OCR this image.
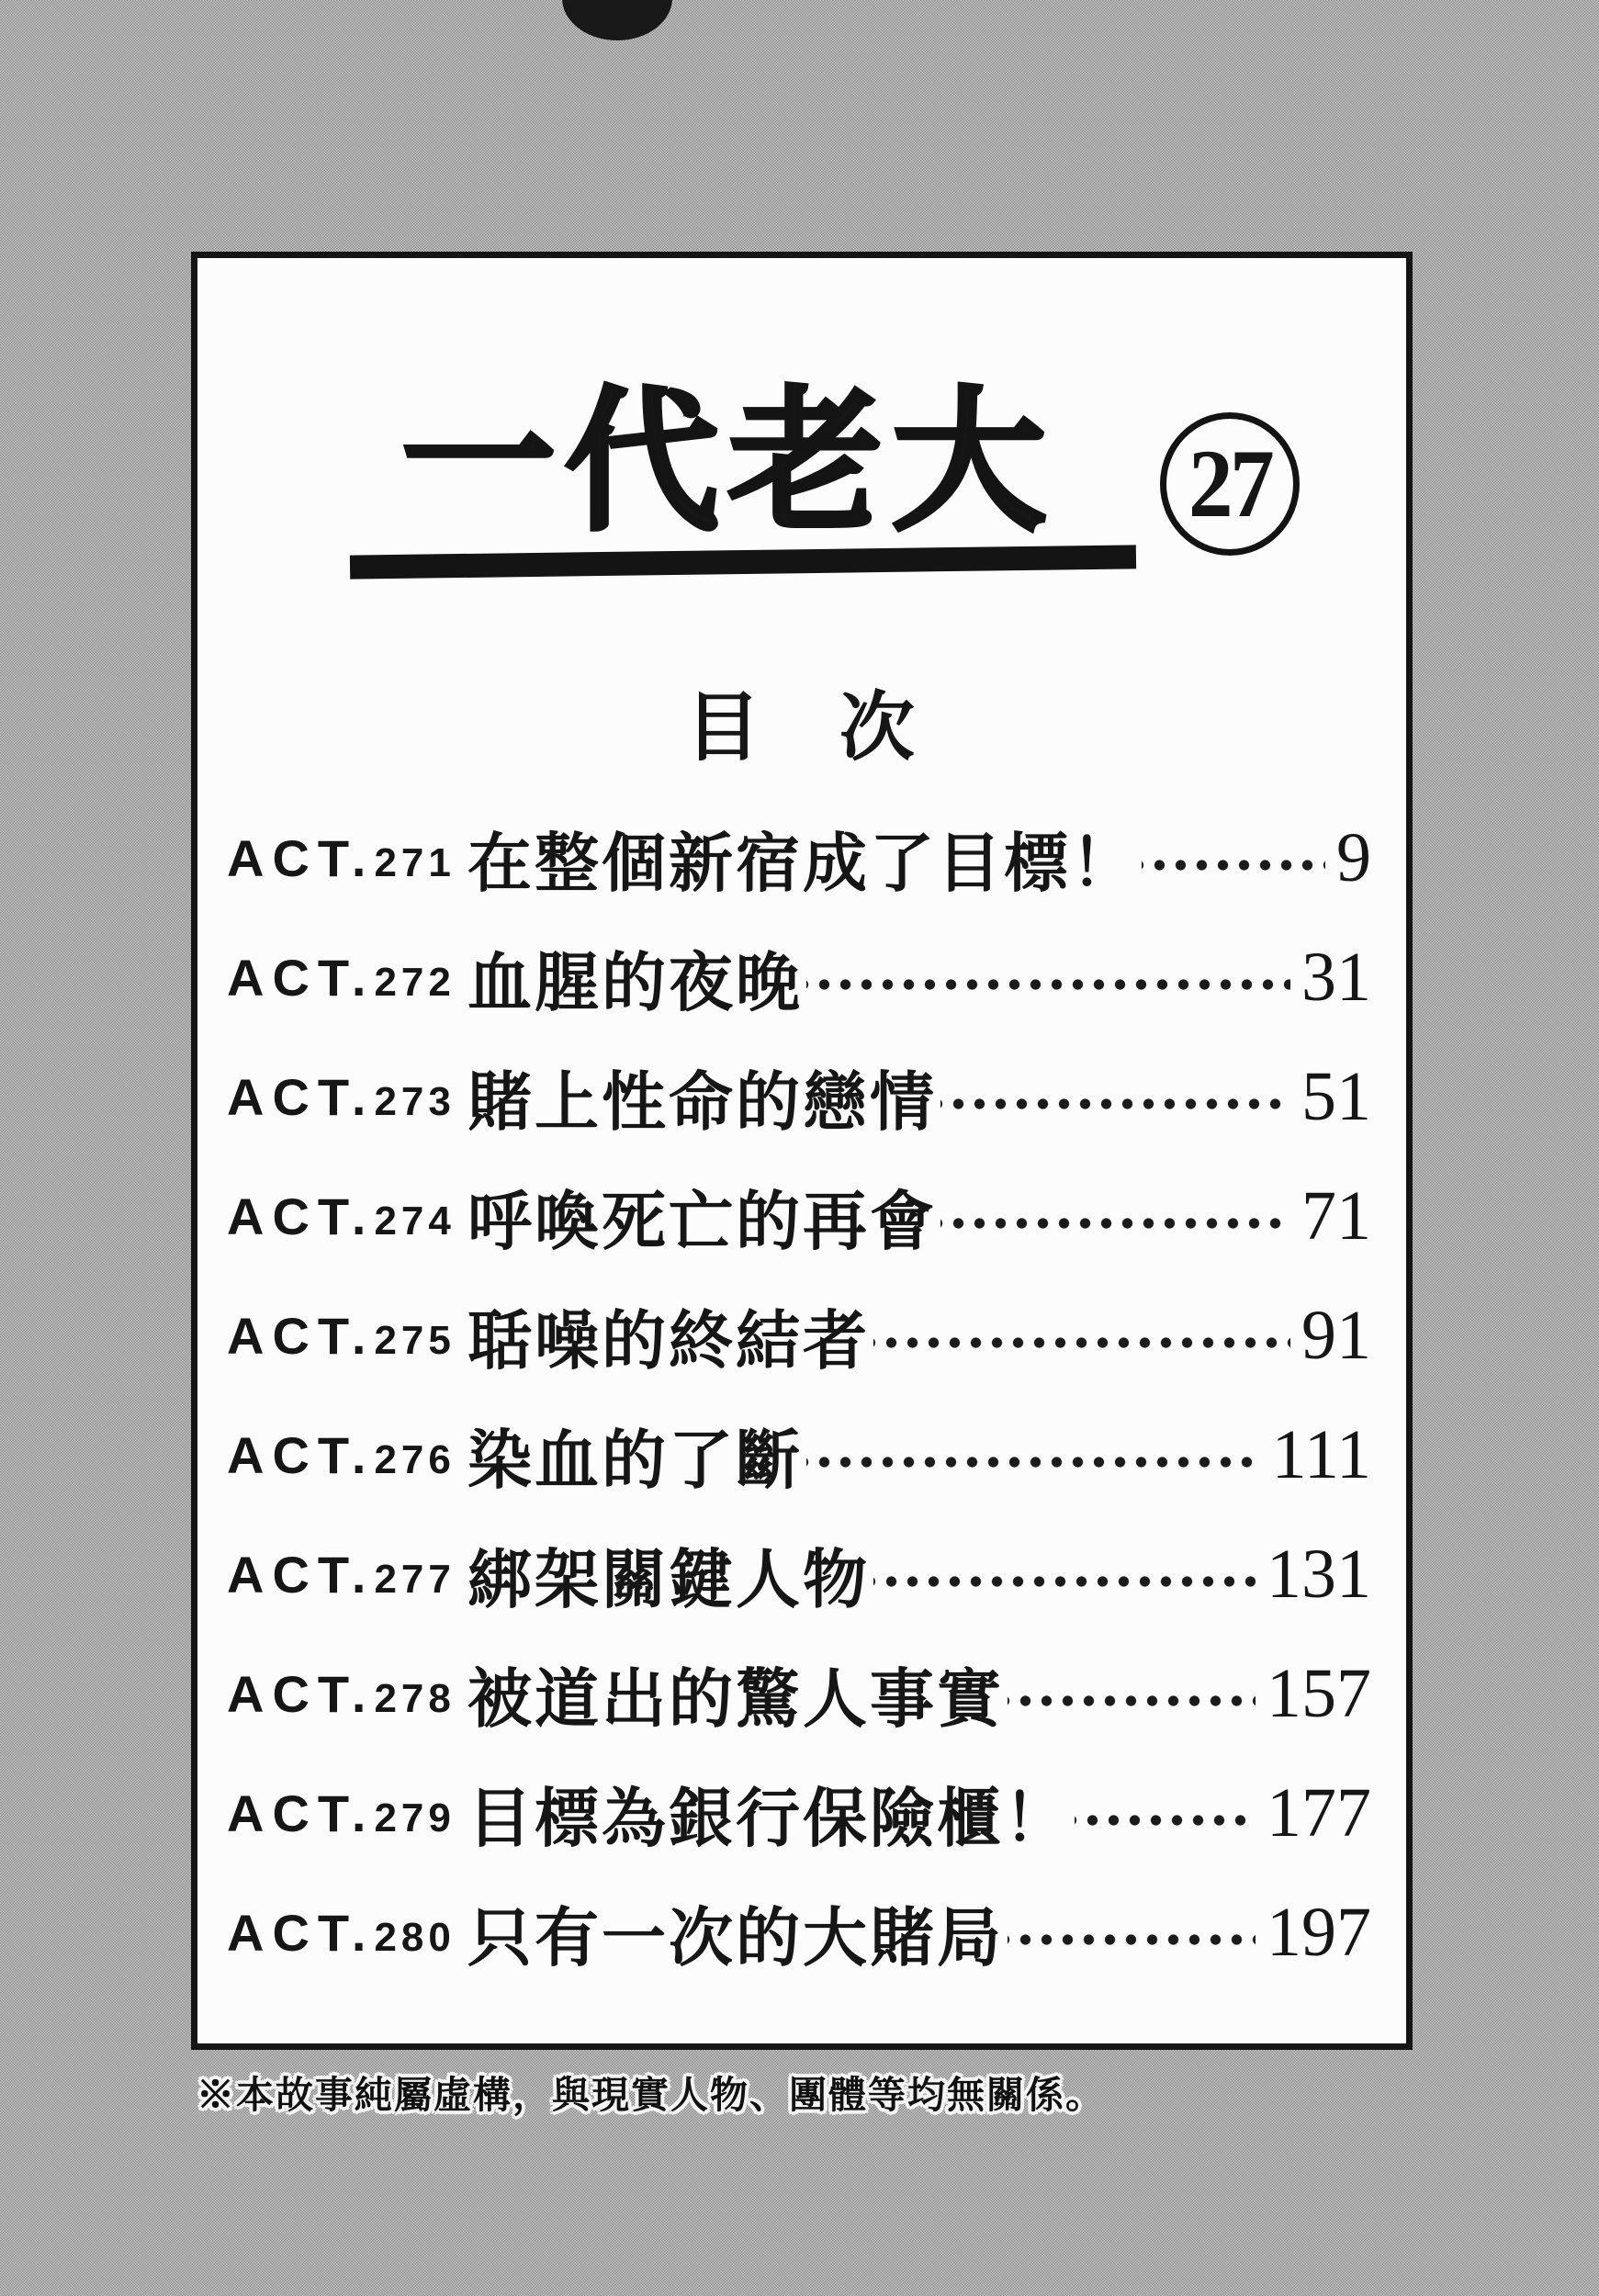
一代老大 27
目 次
ACT. 271 在整個新宿成了目標！	9
ACT. 272 血腥的夜晚	31
ACT. 273 賭上性命的戀情	51
ACT. 274 呼喚死亡的再會	71
ACT. 275 聒噪的終結者	91
ACT. 276 染血的了斷	111
ACT. 277 綁架關鍵人物	131
ACT. 278 被道出的驚人事實	157
ACT. 279 目標為銀行保險櫃！	177
ACT. 280 只有一次的大賭局	197
※本故事純屬虛構，與現實人物、團體等均無關係。
